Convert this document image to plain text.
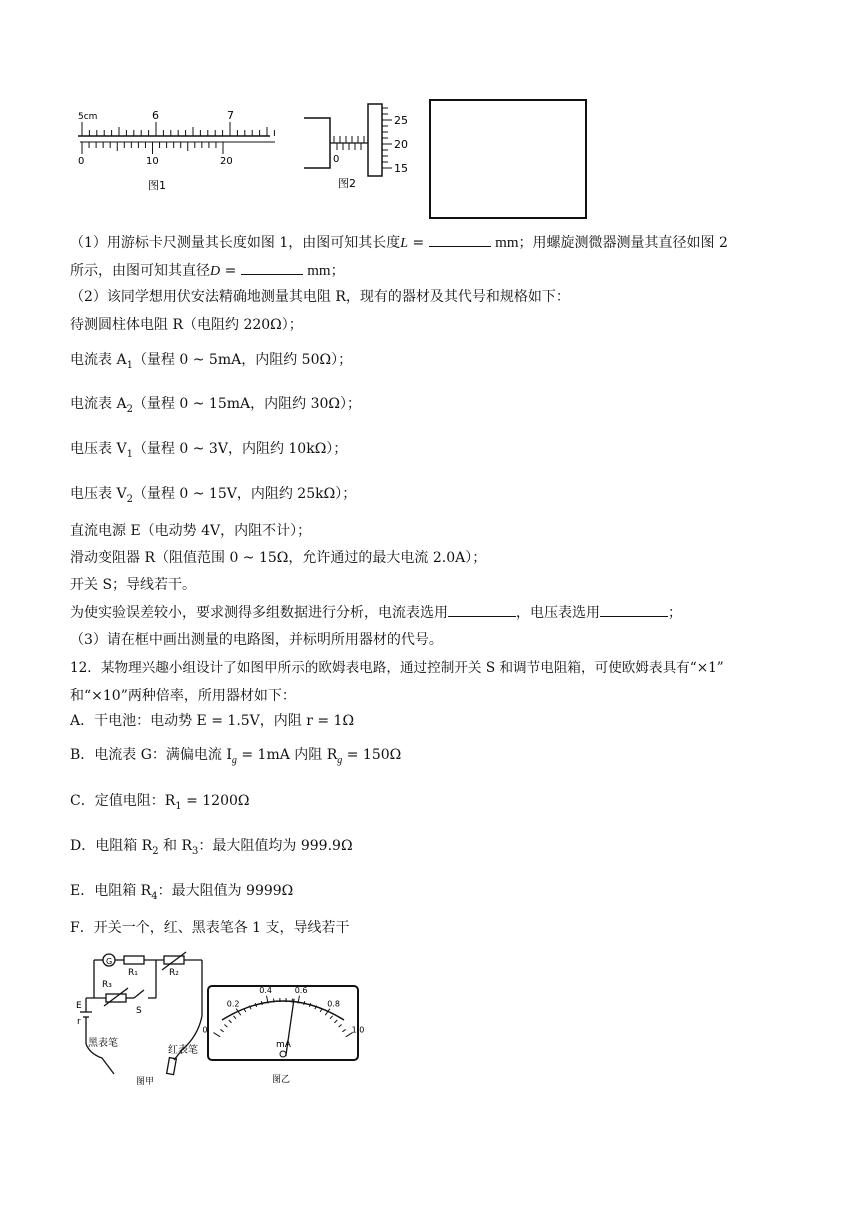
5cm	6	7
0	10	20
图1
0
25
20
15
图2
（1）用游标卡尺测量其长度如图 1，由图可知其长度L =	mm；用螺旋测微器测量其直径如图 2
所示，由图可知其直径D =	mm；
（2）该同学想用伏安法精确地测量其电阻 R，现有的器材及其代号和规格如下：
待测圆柱体电阻 R（电阻约 220Ω）；
电流表 $A_1$（量程 0 ~ 5mA，内阻约 50Ω）；
电流表 $A_2$（量程 0 ~ 15mA，内阻约 30Ω）；
电压表 $V_1$（量程 0 ~ 3V，内阻约 10kΩ）；
电压表 $V_2$（量程 0 ~ 15V，内阻约 25kΩ）；
直流电源 E（电动势 4V，内阻不计）；
滑动变阻器 R（阻值范围 0 ~ 15Ω，允许通过的最大电流 2.0A）；
开关 S；导线若干。
为使实验误差较小，要求测得多组数据进行分析，电流表选用	，电压表选用	；
（3）请在框中画出测量的电路图，并标明所用器材的代号。
12．某物理兴趣小组设计了如图甲所示的欧姆表电路，通过控制开关 S 和调节电阻箱，可使欧姆表具有“×1”
和“×10”两种倍率，所用器材如下：
A．干电池：电动势 E = 1.5V，内阻 r = 1Ω
B．电流表 G：满偏电流 $I_g = 1mA$ 内阻 $R_g = 150\Omega$
C．定值电阻：$R_1 = 1200\Omega$
D．电阻箱 $R_2$ 和 $R_3$：最大阻值均为 999.9Ω
E．电阻箱 $R_4$：最大阻值为 9999Ω
F．开关一个，红、黑表笔各 1 支，导线若干
G
R₁	R₂
R₃
S
E
r
黑表笔
红表笔
图甲
0
0.2
0.4	0.6
0.8
1.0
mA
图乙
